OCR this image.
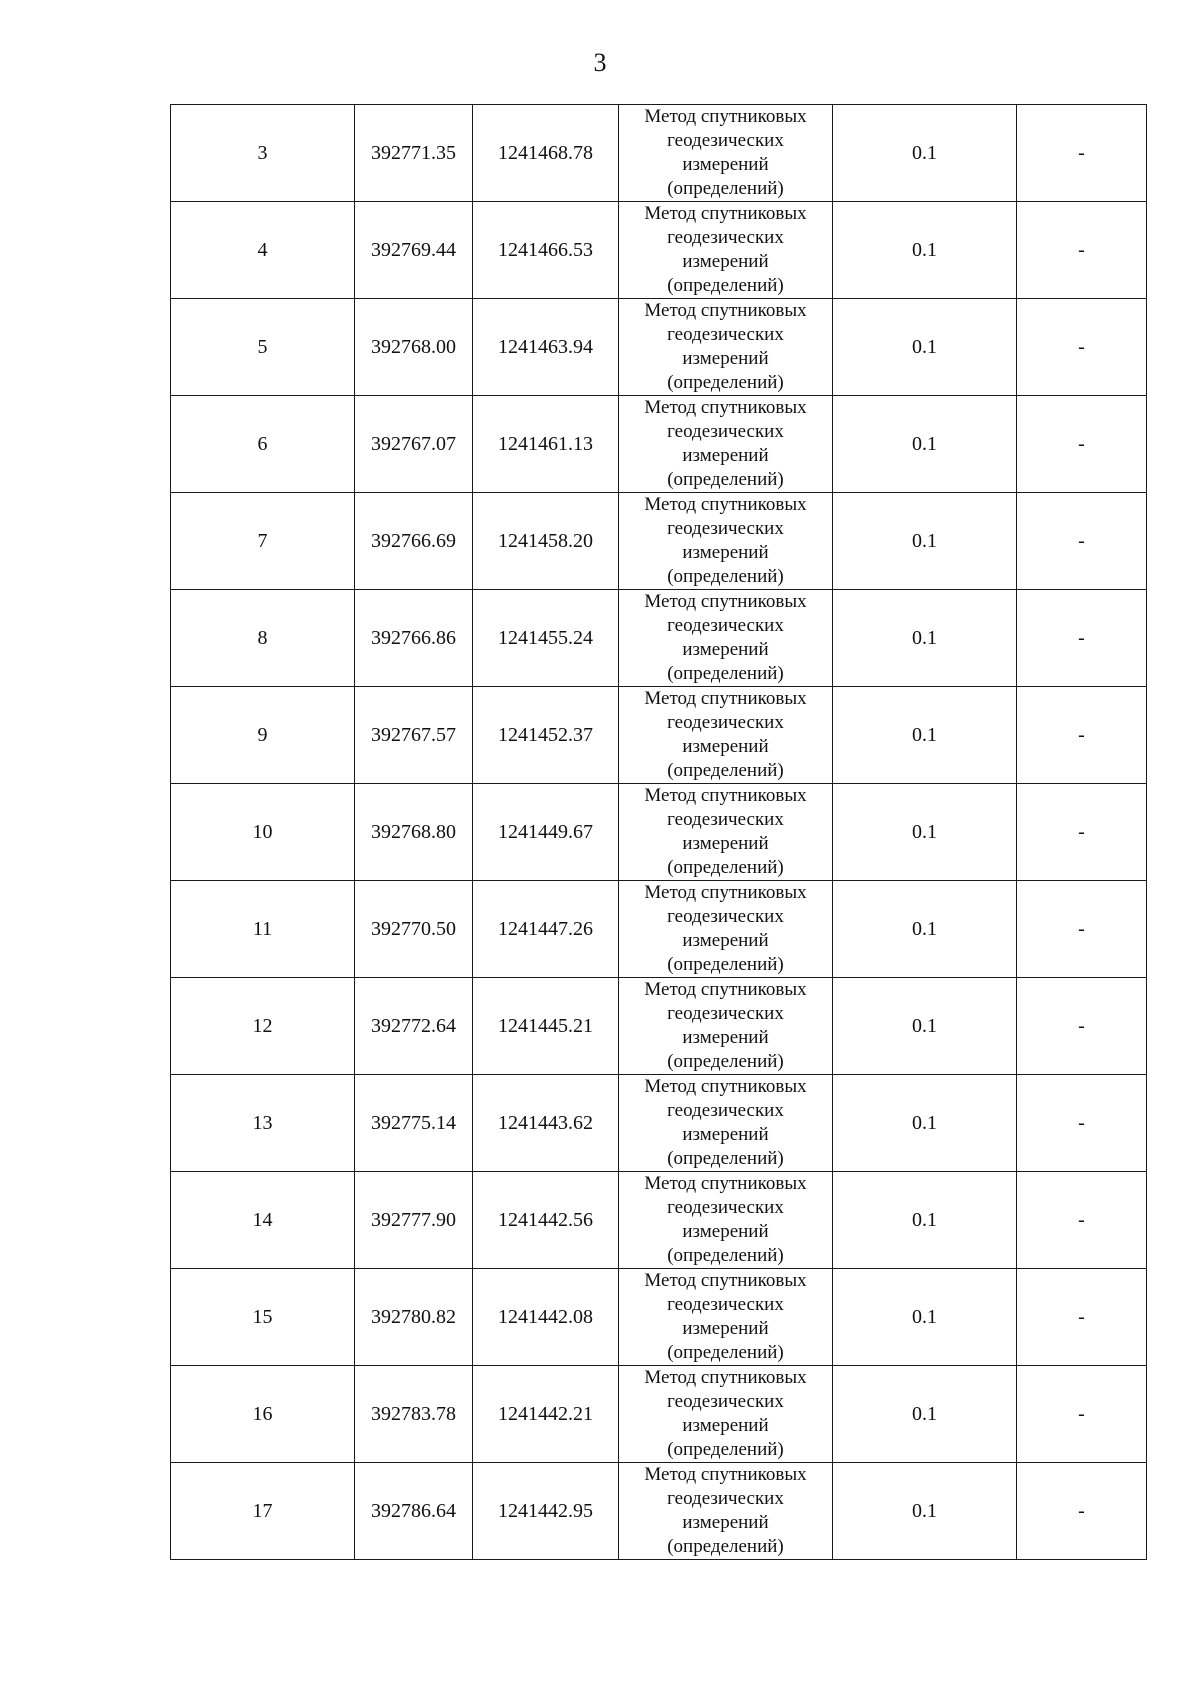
3
3	392771.35	1241468.78	Метод спутниковых
геодезических
измерений
(определений)	0.1	-
4	392769.44	1241466.53	Метод спутниковых
геодезических
измерений
(определений)	0.1	-
5	392768.00	1241463.94	Метод спутниковых
геодезических
измерений
(определений)	0.1	-
6	392767.07	1241461.13	Метод спутниковых
геодезических
измерений
(определений)	0.1	-
7	392766.69	1241458.20	Метод спутниковых
геодезических
измерений
(определений)	0.1	-
8	392766.86	1241455.24	Метод спутниковых
геодезических
измерений
(определений)	0.1	-
9	392767.57	1241452.37	Метод спутниковых
геодезических
измерений
(определений)	0.1	-
10	392768.80	1241449.67	Метод спутниковых
геодезических
измерений
(определений)	0.1	-
11	392770.50	1241447.26	Метод спутниковых
геодезических
измерений
(определений)	0.1	-
12	392772.64	1241445.21	Метод спутниковых
геодезических
измерений
(определений)	0.1	-
13	392775.14	1241443.62	Метод спутниковых
геодезических
измерений
(определений)	0.1	-
14	392777.90	1241442.56	Метод спутниковых
геодезических
измерений
(определений)	0.1	-
15	392780.82	1241442.08	Метод спутниковых
геодезических
измерений
(определений)	0.1	-
16	392783.78	1241442.21	Метод спутниковых
геодезических
измерений
(определений)	0.1	-
17	392786.64	1241442.95	Метод спутниковых
геодезических
измерений
(определений)	0.1	-
